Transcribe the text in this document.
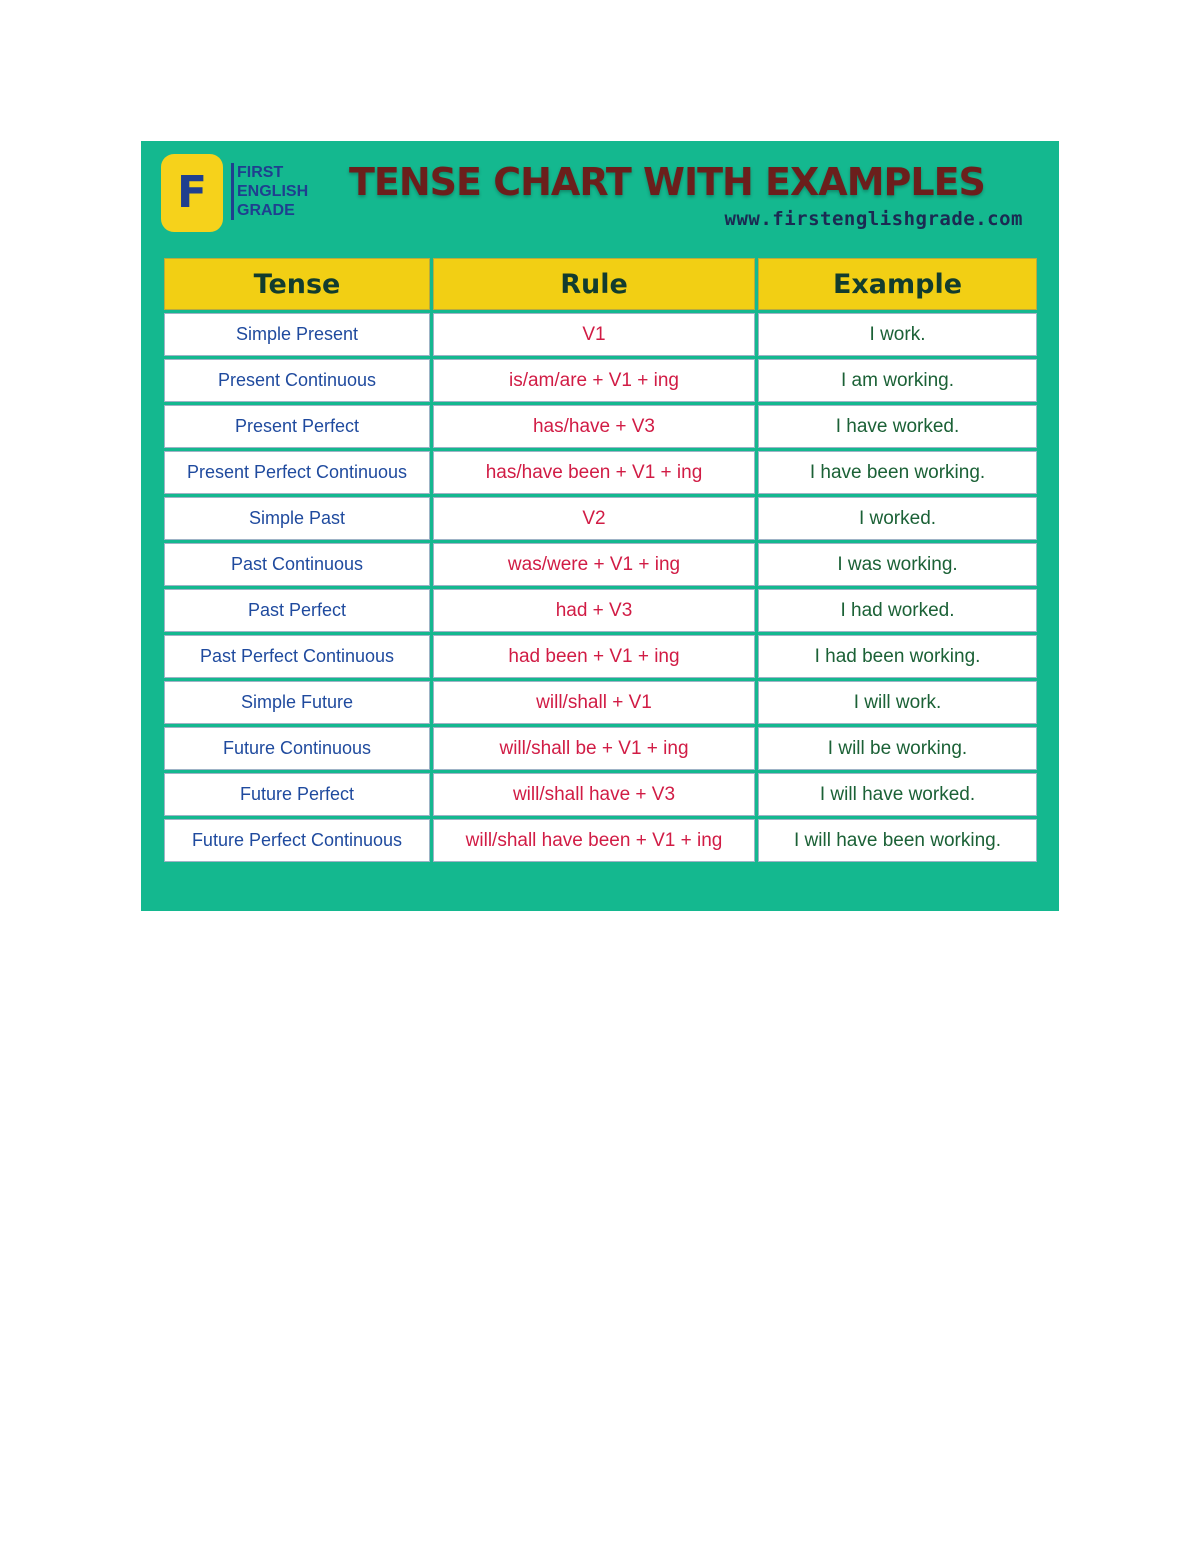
F FIRST
ENGLISH
GRADE
TENSE CHART WITH EXAMPLES
www.firstenglishgrade.com
Tense	Rule	Example
Simple Present	V1	I work.
Present Continuous	is/am/are + V1 + ing	I am working.
Present Perfect	has/have + V3	I have worked.
Present Perfect Continuous	has/have been + V1 + ing	I have been working.
Simple Past	V2	I worked.
Past Continuous	was/were + V1 + ing	I was working.
Past Perfect	had + V3	I had worked.
Past Perfect Continuous	had been + V1 + ing	I had been working.
Simple Future	will/shall + V1	I will work.
Future Continuous	will/shall be + V1 + ing	I will be working.
Future Perfect	will/shall have + V3	I will have worked.
Future Perfect Continuous	will/shall have been + V1 + ing	I will have been working.
